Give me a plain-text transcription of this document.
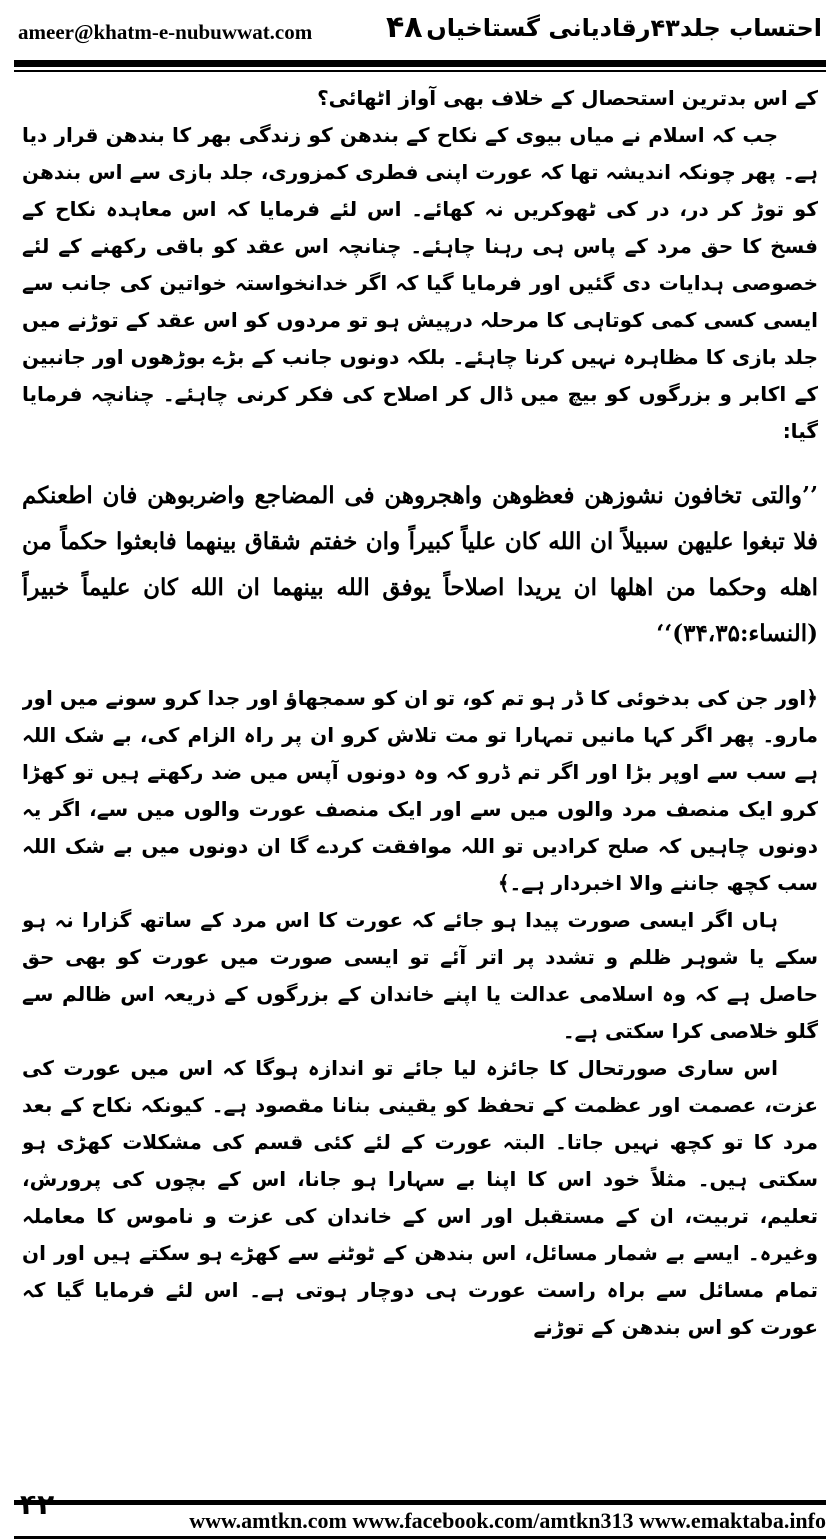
ameer@khatm-e-nubuwwat.com ۴۸ احتساب جلد۴۳رقادیانی گستاخیاں

کے اس بدترین استحصال کے خلاف بھی آواز اٹھائی؟

جب کہ اسلام نے میاں بیوی کے نکاح کے بندھن کو زندگی بھر کا بندھن قرار دیا ہے۔ پھر چونکہ اندیشہ تھا کہ عورت اپنی فطری کمزوری، جلد بازی سے اس بندھن کو توڑ کر در، در کی ٹھوکریں نہ کھائے۔ اس لئے فرمایا کہ اس معاہدہ نکاح کے فسخ کا حق مرد کے پاس ہی رہنا چاہئے۔ چنانچہ اس عقد کو باقی رکھنے کے لئے خصوصی ہدایات دی گئیں اور فرمایا گیا کہ اگر خدانخواستہ خواتین کی جانب سے ایسی کسی کمی کوتاہی کا مرحلہ درپیش ہو تو مردوں کو اس عقد کے توڑنے میں جلد بازی کا مظاہرہ نہیں کرنا چاہئے۔ بلکہ دونوں جانب کے بڑے بوڑھوں اور جانبین کے اکابر و بزرگوں کو بیچ میں ڈال کر اصلاح کی فکر کرنی چاہئے۔ چنانچہ فرمایا گیا:

’’والتی تخافون نشوزهن فعظوهن واهجروهن فی المضاجع واضربوهن فان اطعنکم فلا تبغوا علیهن سبیلاً ان الله کان علیاً کبیراً وان خفتم شقاق بینهما فابعثوا حکماً من اهله وحکما من اهلها ان یریدا اصلاحاً یوفق الله بینهما ان الله کان علیماً خبیراً (النساء:۳۴،۳۵)‘‘

﴿اور جن کی بدخوئی کا ڈر ہو تم کو، تو ان کو سمجھاؤ اور جدا کرو سونے میں اور مارو۔ پھر اگر کہا مانیں تمہارا تو مت تلاش کرو ان پر راہ الزام کی، بے شک اللہ ہے سب سے اوپر بڑا اور اگر تم ڈرو کہ وہ دونوں آپس میں ضد رکھتے ہیں تو کھڑا کرو ایک منصف مرد والوں میں سے اور ایک منصف عورت والوں میں سے، اگر یہ دونوں چاہیں کہ صلح کرادیں تو اللہ موافقت کردے گا ان دونوں میں بے شک اللہ سب کچھ جاننے والا اخبردار ہے۔﴾

ہاں اگر ایسی صورت پیدا ہو جائے کہ عورت کا اس مرد کے ساتھ گزارا نہ ہو سکے یا شوہر ظلم و تشدد پر اتر آئے تو ایسی صورت میں عورت کو بھی حق حاصل ہے کہ وہ اسلامی عدالت یا اپنے خاندان کے بزرگوں کے ذریعہ اس ظالم سے گلو خلاصی کرا سکتی ہے۔

اس ساری صورتحال کا جائزہ لیا جائے تو اندازہ ہوگا کہ اس میں عورت کی عزت، عصمت اور عظمت کے تحفظ کو یقینی بنانا مقصود ہے۔ کیونکہ نکاح کے بعد مرد کا تو کچھ نہیں جاتا۔ البتہ عورت کے لئے کئی قسم کی مشکلات کھڑی ہو سکتی ہیں۔ مثلاً خود اس کا اپنا بے سہارا ہو جانا، اس کے بچوں کی پرورش، تعلیم، تربیت، ان کے مستقبل اور اس کے خاندان کی عزت و ناموس کا معاملہ وغیرہ۔ ایسے بے شمار مسائل، اس بندھن کے ٹوٹنے سے کھڑے ہو سکتے ہیں اور ان تمام مسائل سے براہ راست عورت ہی دوچار ہوتی ہے۔ اس لئے فرمایا گیا کہ عورت کو اس بندھن کے توڑنے

۴۲	www.amtkn.com www.facebook.com/amtkn313 www.emaktaba.info
